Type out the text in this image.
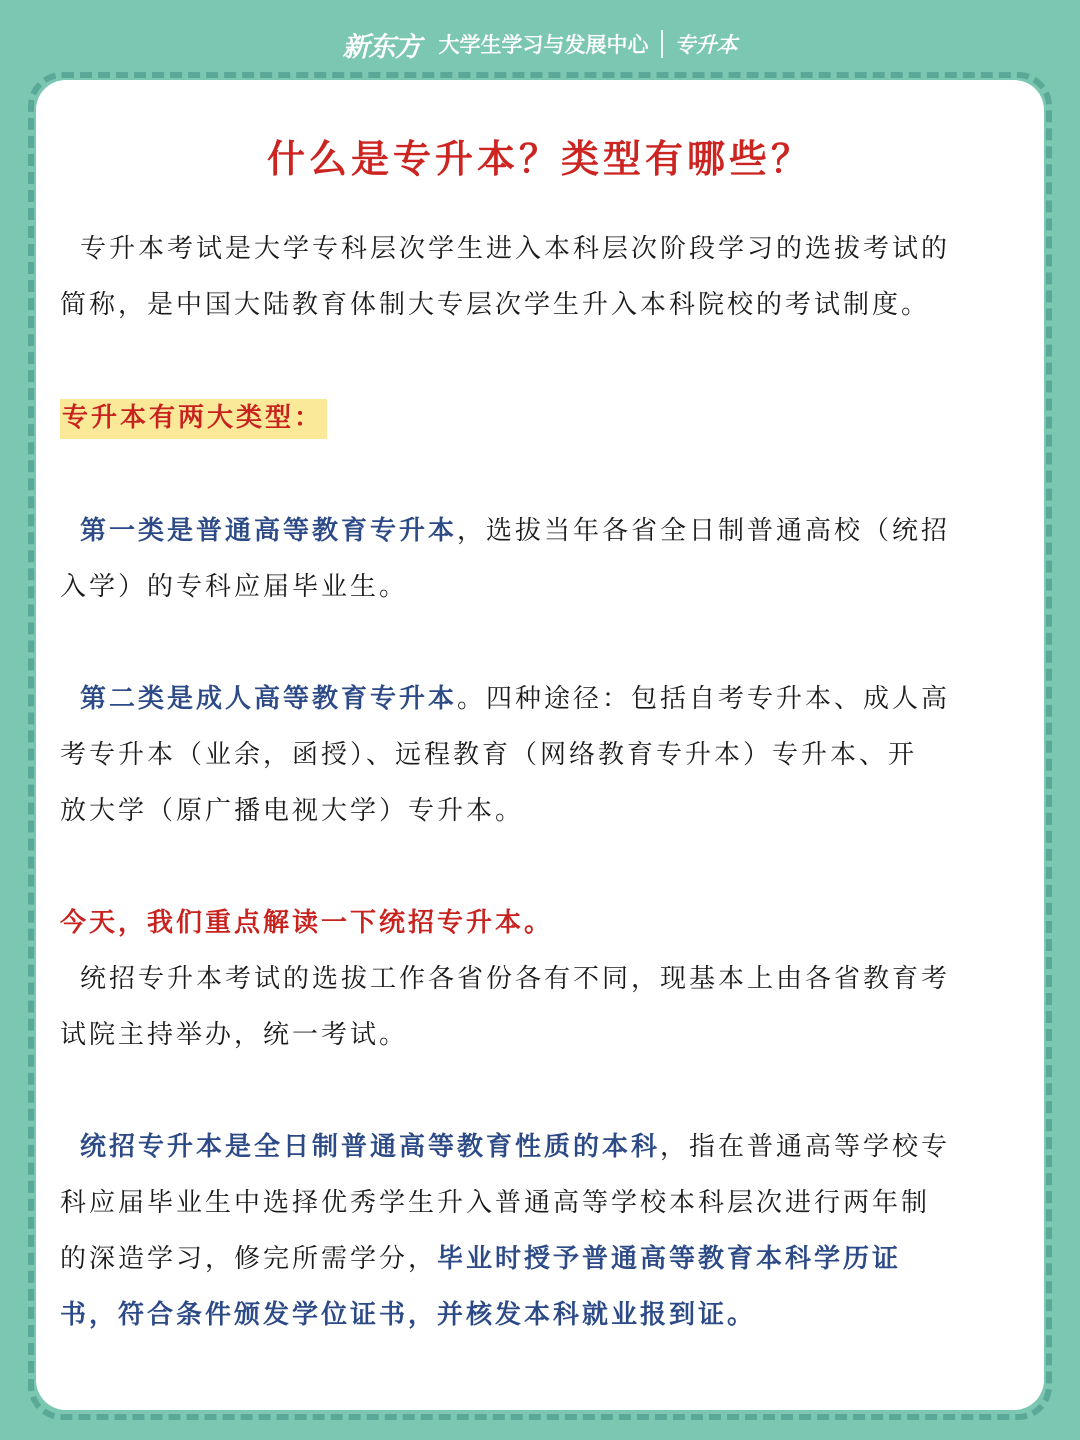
新东方 大学生学习与发展中心 专升本
什么是专升本？类型有哪些？

专升本考试是大学专科层次学生进入本科层次阶段学习的选拔考试的
简称，是中国大陆教育体制大专层次学生升入本科院校的考试制度。

专升本有两大类型：

第一类是普通高等教育专升本，选拔当年各省全日制普通高校（统招
入学）的专科应届毕业生。

第二类是成人高等教育专升本。四种途径：包括自考专升本、成人高
考专升本（业余，函授）、远程教育（网络教育专升本）专升本、开
放大学（原广播电视大学）专升本。

今天，我们重点解读一下统招专升本。
统招专升本考试的选拔工作各省份各有不同，现基本上由各省教育考
试院主持举办，统一考试。

统招专升本是全日制普通高等教育性质的本科，指在普通高等学校专
科应届毕业生中选择优秀学生升入普通高等学校本科层次进行两年制
的深造学习，修完所需学分，毕业时授予普通高等教育本科学历证
书，符合条件颁发学位证书，并核发本科就业报到证。
